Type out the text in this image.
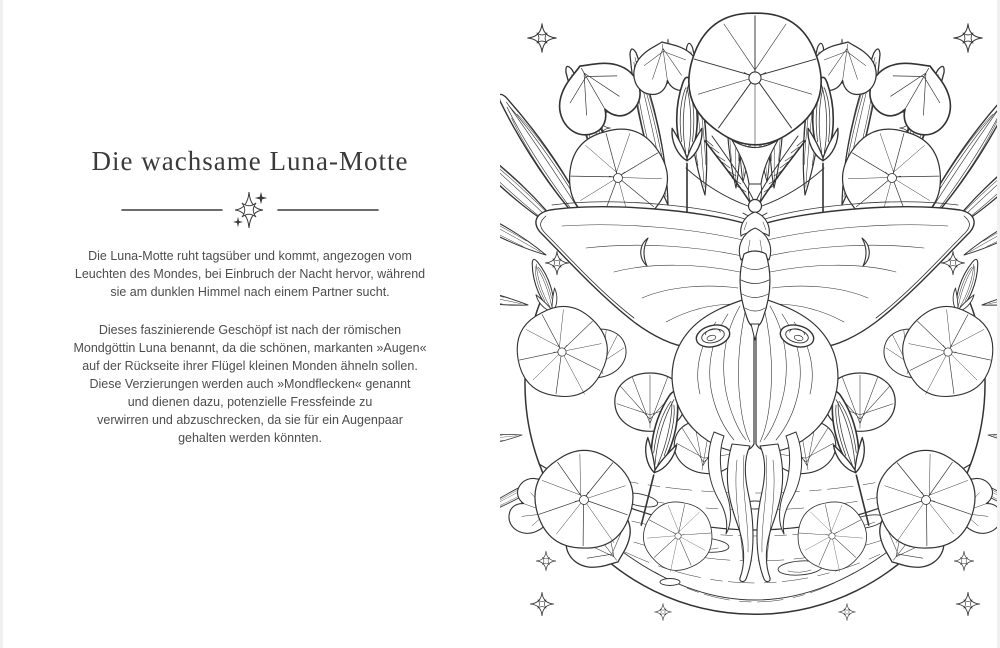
Die wachsame Luna-Motte
Die Luna-Motte ruht tagsüber und kommt, angezogen vom
Leuchten des Mondes, bei Einbruch der Nacht hervor, während
sie am dunklen Himmel nach einem Partner sucht.
Dieses faszinierende Geschöpf ist nach der römischen
Mondgöttin Luna benannt, da die schönen, markanten »Augen«
auf der Rückseite ihrer Flügel kleinen Monden ähneln sollen.
Diese Verzierungen werden auch »Mondflecken« genannt
und dienen dazu, potenzielle Fressfeinde zu
verwirren und abzuschrecken, da sie für ein Augenpaar
gehalten werden könnten.
